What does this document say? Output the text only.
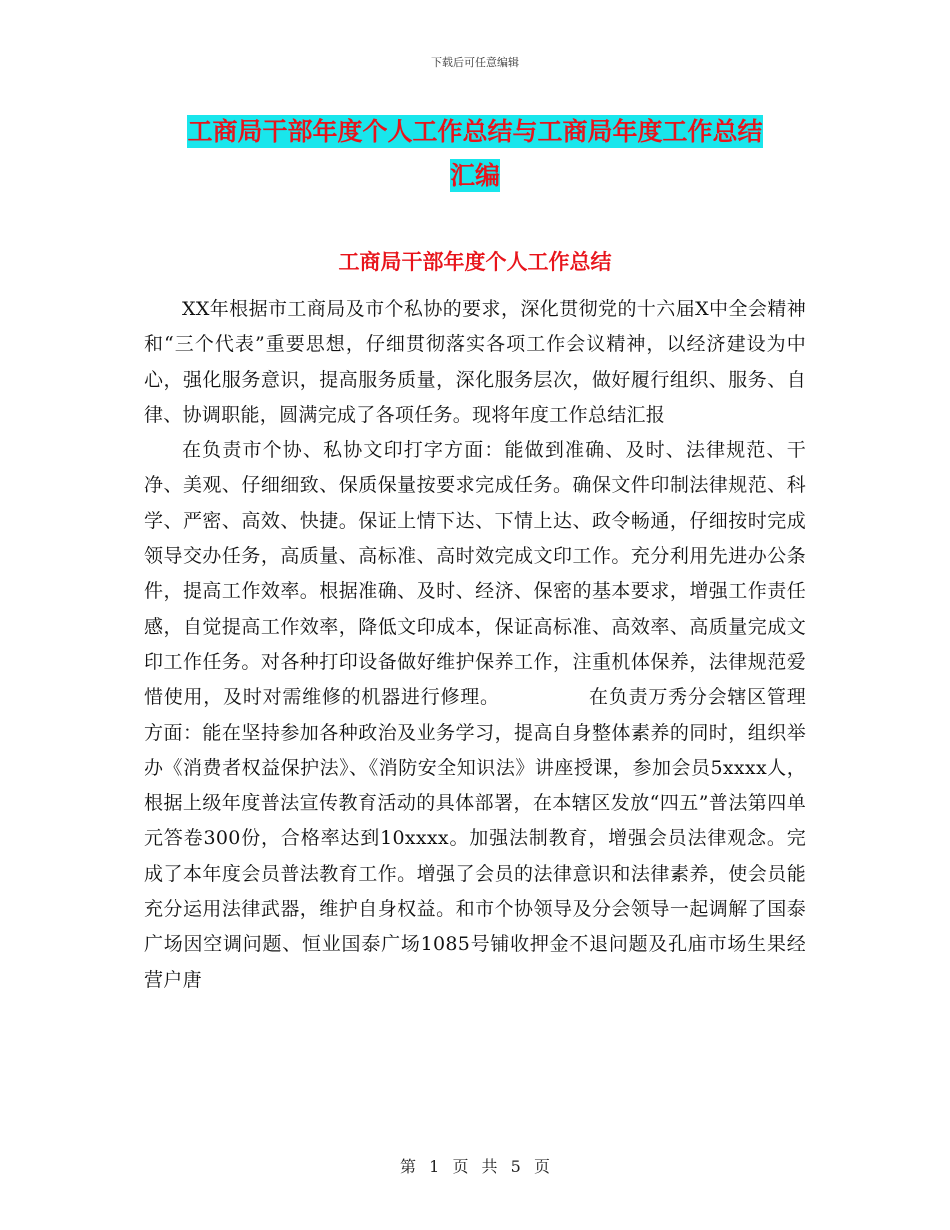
下载后可任意编辑
工商局干部年度个人工作总结与工商局年度工作总结
汇编
工商局干部年度个人工作总结

XX年根据市工商局及市个私协的要求，深化贯彻党的十六届X中全会精神和“三个代表”重要思想，仔细贯彻落实各项工作会议精神，以经济建设为中心，强化服务意识，提高服务质量，深化服务层次，做好履行组织、服务、自律、协调职能，圆满完成了各项任务。现将年度工作总结汇报

在负责市个协、私协文印打字方面：能做到准确、及时、法律规范、干净、美观、仔细细致、保质保量按要求完成任务。确保文件印制法律规范、科学、严密、高效、快捷。保证上情下达、下情上达、政令畅通，仔细按时完成领导交办任务，高质量、高标准、高时效完成文印工作。充分利用先进办公条件，提高工作效率。根据准确、及时、经济、保密的基本要求，增强工作责任感，自觉提高工作效率，降低文印成本，保证高标准、高效率、高质量完成文印工作任务。对各种打印设备做好维护保养工作，注重机体保养，法律规范爱惜使用，及时对需维修的机器进行修理。　　　　　在负责万秀分会辖区管理方面：能在坚持参加各种政治及业务学习，提高自身整体素养的同时，组织举办《消费者权益保护法》、《消防安全知识法》讲座授课，参加会员5xxxx人，根据上级年度普法宣传教育活动的具体部署，在本辖区发放“四五”普法第四单元答卷300份，合格率达到10xxxx。加强法制教育，增强会员法律观念。完成了本年度会员普法教育工作。增强了会员的法律意识和法律素养，使会员能充分运用法律武器，维护自身权益。和市个协领导及分会领导一起调解了国泰广场因空调问题、恒业国泰广场1085号铺收押金不退问题及孔庙市场生果经营户唐

第 1 页 共 5 页
